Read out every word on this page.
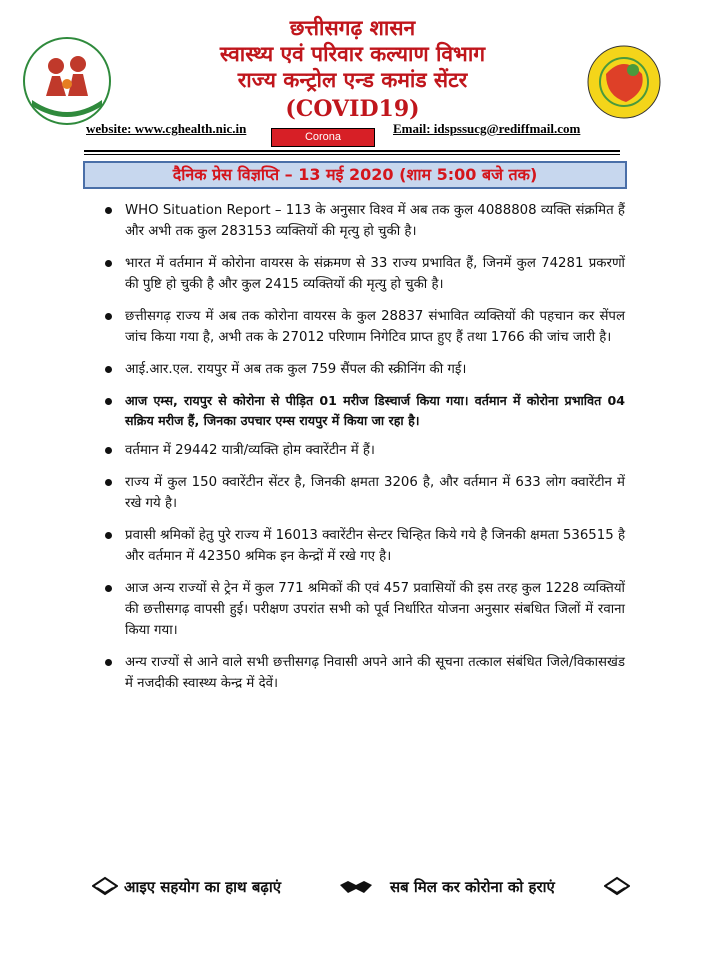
छत्तीसगढ़ शासन
स्वास्थ्य एवं परिवार कल्याण विभाग
राज्य कन्ट्रोल एन्ड कमांड सेंटर
(COVID19)
website: www.cghealth.nic.in
Corona
Email: idspssucg@rediffmail.com
दैनिक प्रेस विज्ञप्ति – 13 मई 2020 (शाम 5:00 बजे तक)
WHO Situation Report – 113 के अनुसार विश्व में अब तक कुल 4088808 व्यक्ति संक्रमित हैं और अभी तक कुल 283153 व्यक्तियों की मृत्यु हो चुकी है।
भारत में वर्तमान में कोरोना वायरस के संक्रमण से 33 राज्य प्रभावित हैं, जिनमें कुल 74281 प्रकरणों की पुष्टि हो चुकी है और कुल 2415 व्यक्तियों की मृत्यु हो चुकी है।
छत्तीसगढ़ राज्य में अब तक कोरोना वायरस के कुल 28837 संभावित व्यक्तियों की पहचान कर सेंपल जांच किया गया है, अभी तक के 27012 परिणाम निगेटिव प्राप्त हुए हैं तथा 1766 की जांच जारी है।
आई.आर.एल. रायपुर में अब तक कुल 759 सैंपल की स्क्रीनिंग की गई।
आज एम्स, रायपुर से कोरोना से पीड़ित 01 मरीज डिस्चार्ज किया गया। वर्तमान में कोरोना प्रभावित 04 सक्रिय मरीज हैं, जिनका उपचार एम्स रायपुर में किया जा रहा है।
वर्तमान में 29442 यात्री/व्यक्ति होम क्वारेंटीन में हैं।
राज्य में कुल 150 क्वारेंटीन सेंटर है, जिनकी क्षमता 3206 है, और वर्तमान में 633 लोग क्वारेंटीन में रखे गये है।
प्रवासी श्रमिकों हेतु पुरे राज्य में 16013 क्वारेंटीन सेन्टर चिन्हित किये गये है जिनकी क्षमता 536515 है और वर्तमान में 42350 श्रमिक इन केन्द्रों में रखे गए है।
आज अन्य राज्यों से ट्रेन में कुल 771 श्रमिकों की एवं 457 प्रवासियों की इस तरह कुल 1228 व्यक्तियों की छत्तीसगढ़ वापसी हुई। परीक्षण उपरांत सभी को पूर्व निर्धारित योजना अनुसार संबधित जिलों में रवाना किया गया।
अन्य राज्यों से आने वाले सभी छत्तीसगढ़ निवासी अपने आने की सूचना तत्काल संबंधित जिले/विकासखंड में नजदीकी स्वास्थ्य केन्द्र में देवें।
आइए सहयोग का हाथ बढ़ाएं	सब मिल कर कोरोना को हराएं
